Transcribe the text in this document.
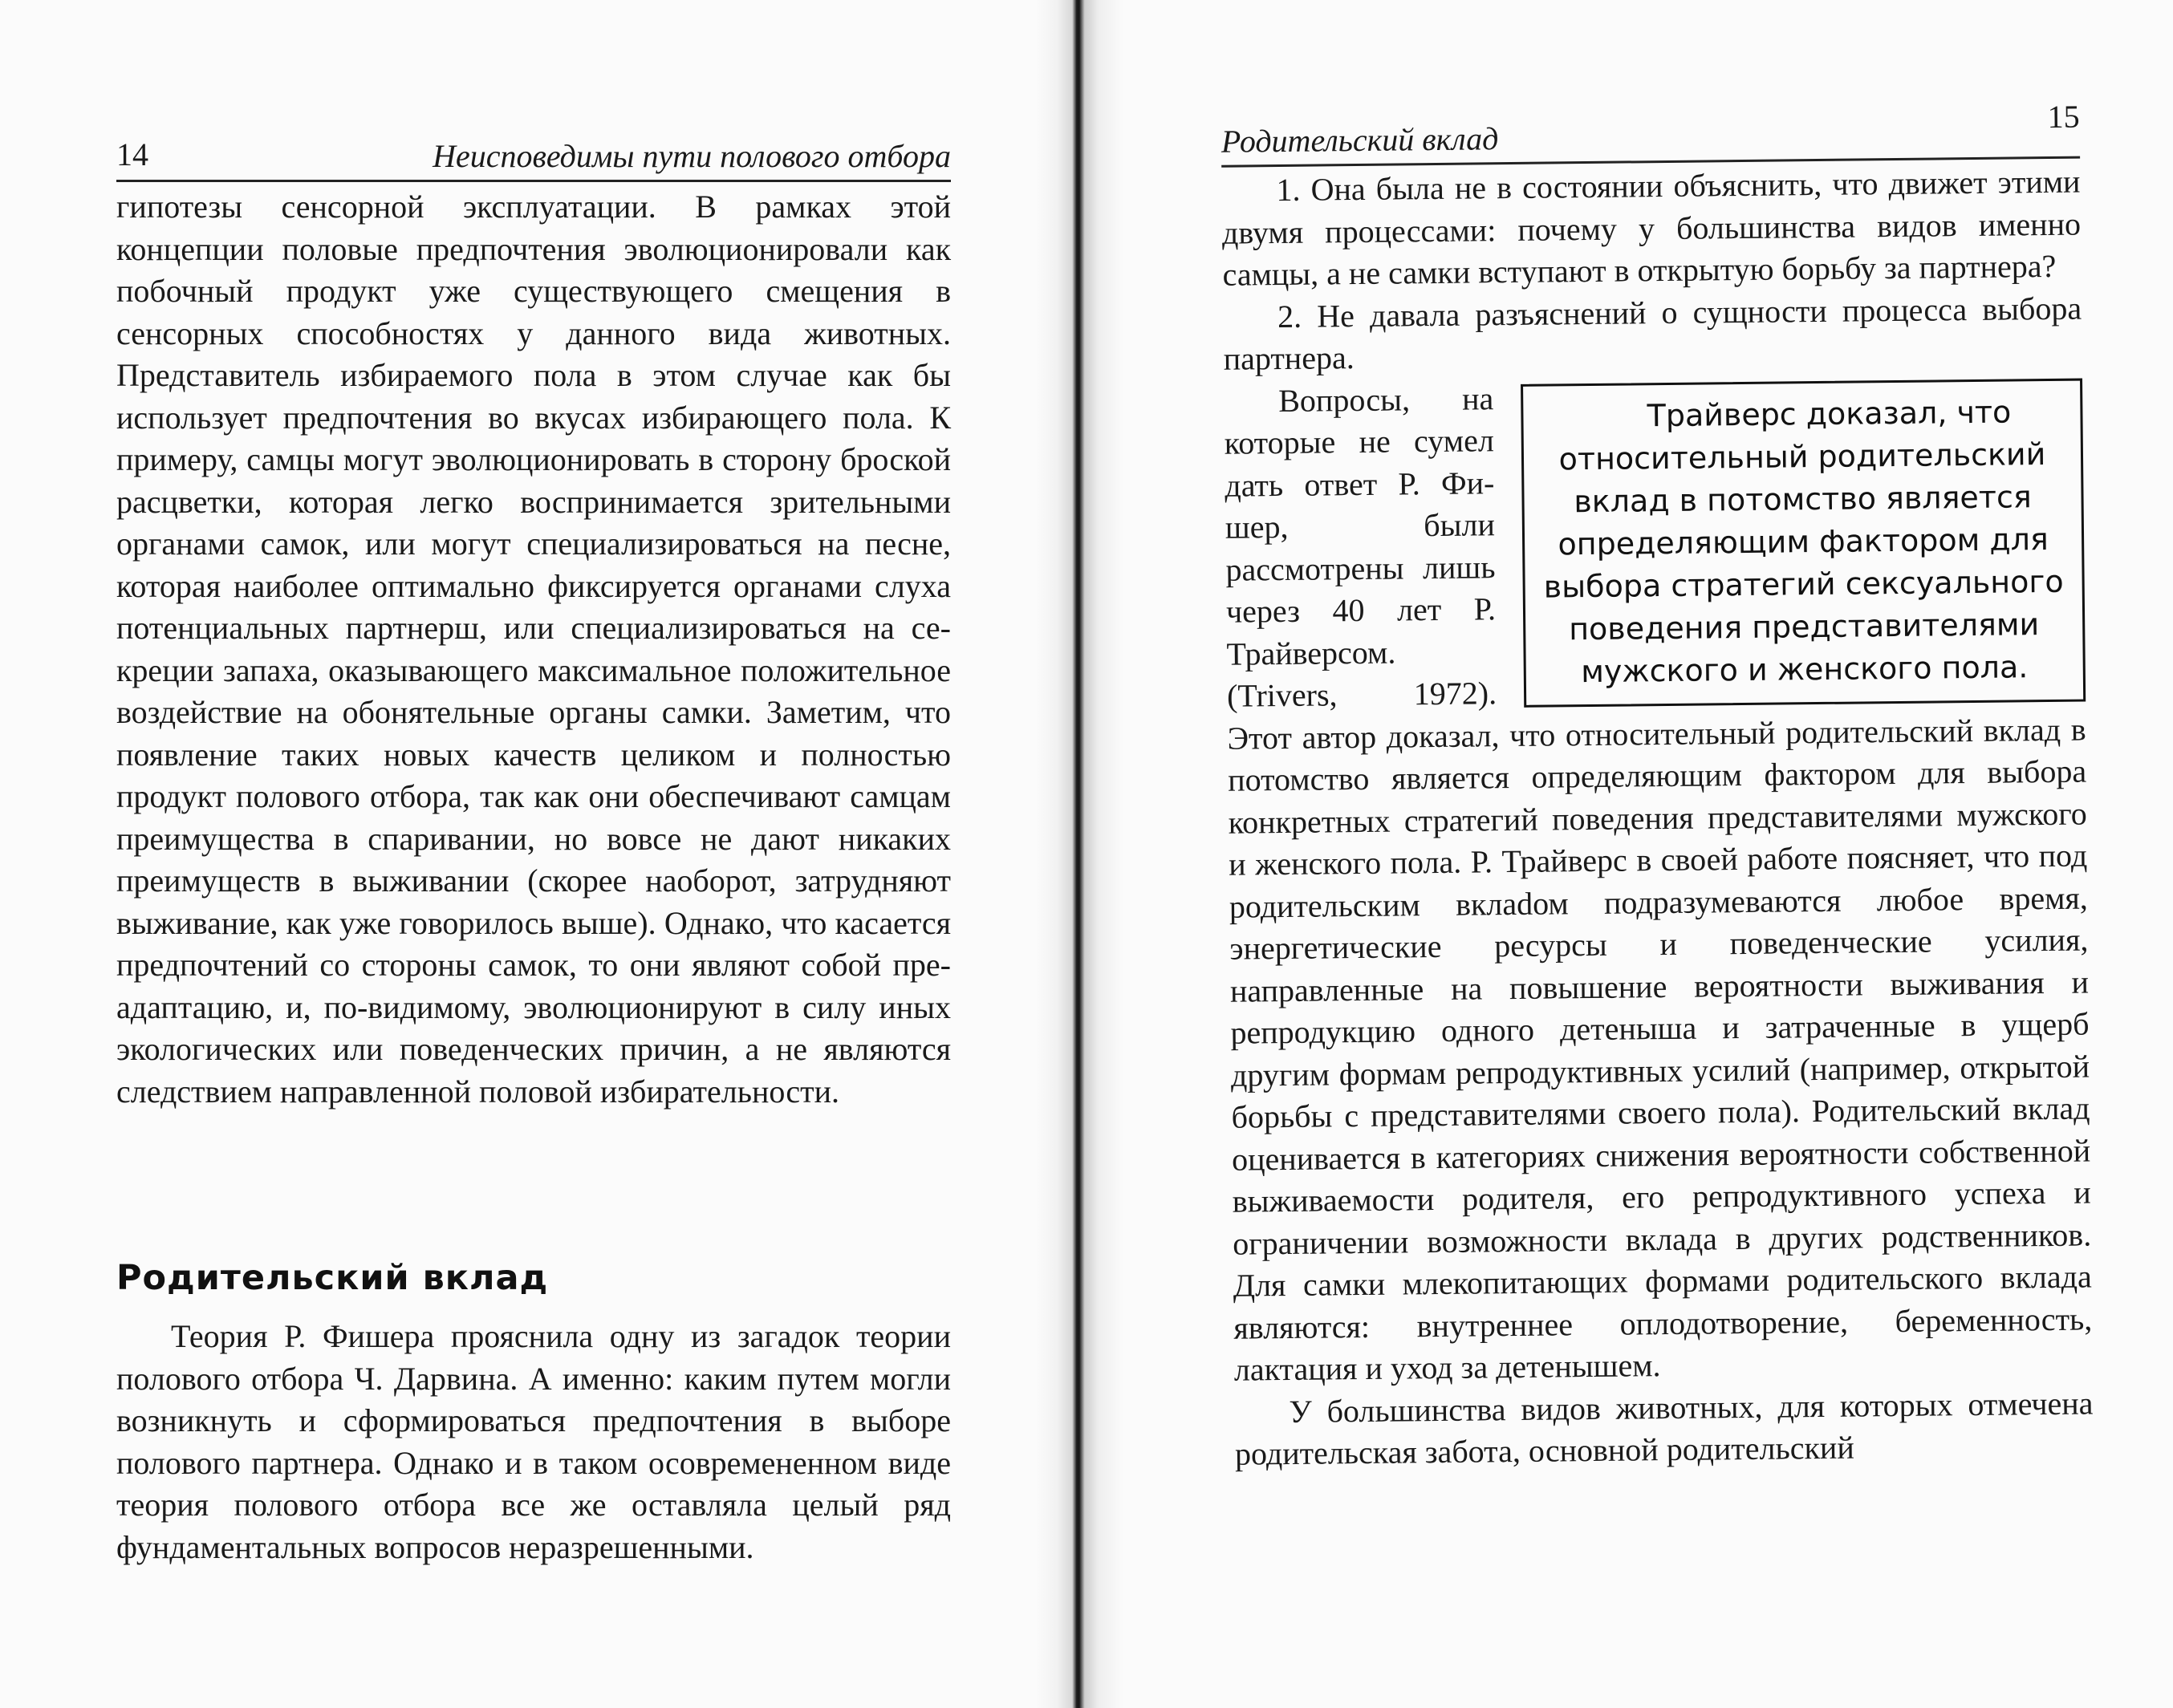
14	Неисповедимы пути полового отбора

гипотезы сенсорной эксплуатации. В рамках этой концепции половые предпочтения эволюционировали как побочный продукт уже существующего смещения в сенсорных способностях у данного вида животных. Представитель избираемого пола в этом случае как бы использует предпочтения во вкусах избирающего пола. К примеру, самцы могут эволюционировать в сторону броской расцветки, которая легко воспринимается зрительными органами самок, или могут специализироваться на песне, которая наиболее оптимально фиксируется органами слуха потенциальных партнерш, или специализироваться на секреции запаха, оказывающего максимальное положительное воздействие на обонятельные органы самки. Заметим, что появление таких новых качеств целиком и полностью продукт полового отбора, так как они обеспечивают самцам преимущества в спаривании, но вовсе не дают никаких преимуществ в выживании (скорее наоборот, затрудняют выживание, как уже говорилось выше). Однако, что касается предпочтений со стороны самок, то они являют собой преадаптацию, и, по-видимому, эволюционируют в силу иных экологических или поведенческих причин, а не являются следствием направленной половой избирательности.

Родительский вклад

Теория Р. Фишера прояснила одну из загадок теории полового отбора Ч. Дарвина. А именно: каким путем могли возникнуть и сформироваться предпочтения в выборе полового партнера. Однако и в таком осовремененном виде теория полового отбора все же оставляла целый ряд фундаментальных вопросов неразрешенными.

Родительский вклад
15

1. Она была не в состоянии объяснить, что движет этими двумя процессами: почему у большинства видов именно самцы, а не самки вступают в открытую борьбу за партнера?

2. Не давала разъяснений о сущности процесса выбора партнера.

Трайверс доказал, что относительный родительский вклад в потомство является определяющим фактором для выбора стратегий сексуального поведения представителями мужского и женского пола.
Вопросы, на которые не сумел дать ответ Р. Фишер, были рассмотрены лишь через 40 лет Р. Трайверсом. (Trivers, 1972). Этот автор доказал, что относительный родительский вклад в потомство является определяющим фактором для выбора конкретных стратегий поведения представителями мужского и женского пола. Р. Трайверс в своей работе поясняет, что под родительским вклаdом подразумеваются любое время, энергетические ресурсы и поведенческие усилия, направленные на повышение вероятности выживания и репродукцию одного детеныша и затраченные в ущерб другим формам репродуктивных усилий (например, открытой борьбы с представителями своего пола). Родительский вклад оценивается в категориях снижения вероятности собственной выживаемости родителя, его репродуктивного успеха и ограничении возможности вклада в других родственников. Для самки млекопитающих формами родительского вклада являются: внутреннее оплодотворение, беременность, лактация и уход за детенышем.

У большинства видов животных, для которых отмечена родительская забота, основной родительский
